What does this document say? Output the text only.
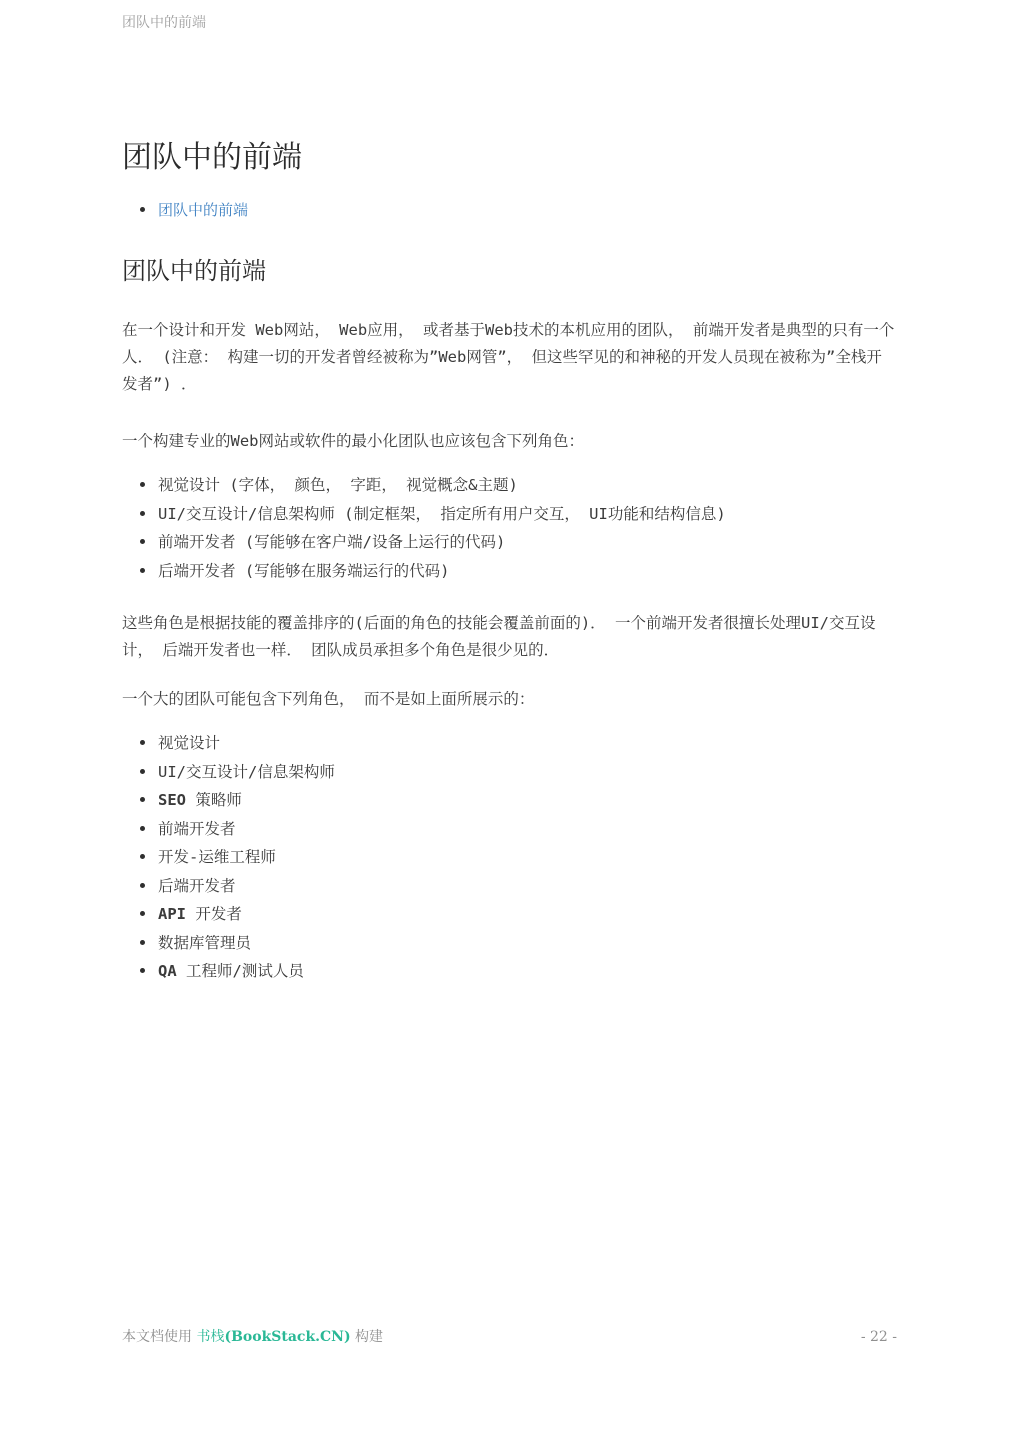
团队中的前端
团队中的前端
团队中的前端
团队中的前端

在一个设计和开发 Web网站， Web应用， 或者基于Web技术的本机应用的团队， 前端开发者是典型的只有一个人． (注意： 构建一切的开发者曾经被称为”Web网管”， 但这些罕见的和神秘的开发人员现在被称为”全栈开发者”) ．

一个构建专业的Web网站或软件的最小化团队也应该包含下列角色：

视觉设计 (字体， 颜色， 字距， 视觉概念&主题)
UI/交互设计/信息架构师 (制定框架， 指定所有用户交互， UI功能和结构信息)
前端开发者 (写能够在客户端/设备上运行的代码)
后端开发者 (写能够在服务端运行的代码)

这些角色是根据技能的覆盖排序的(后面的角色的技能会覆盖前面的)． 一个前端开发者很擅长处理UI/交互设计， 后端开发者也一样． 团队成员承担多个角色是很少见的．

一个大的团队可能包含下列角色， 而不是如上面所展示的：

视觉设计
UI/交互设计/信息架构师
SEO 策略师
前端开发者
开发-运维工程师
后端开发者
API 开发者
数据库管理员
QA 工程师/测试人员
本文档使用 书栈(BookStack.CN) 构建	- 22 -
